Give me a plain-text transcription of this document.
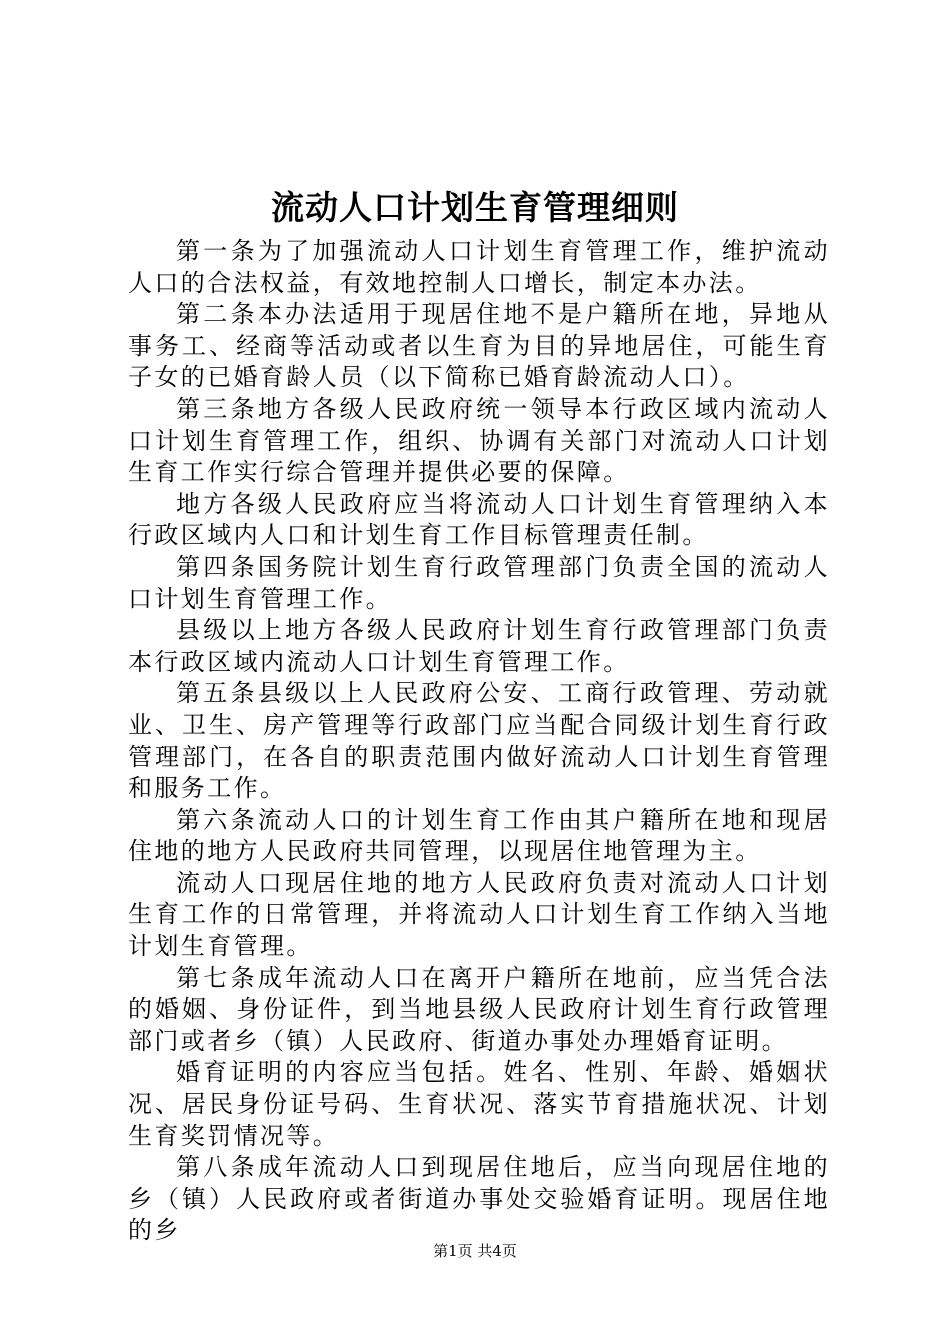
流动人口计划生育管理细则

第一条为了加强流动人口计划生育管理工作，维护流动人口的合法权益，有效地控制人口增长，制定本办法。

第二条本办法适用于现居住地不是户籍所在地，异地从事务工、经商等活动或者以生育为目的异地居住，可能生育子女的已婚育龄人员（以下简称已婚育龄流动人口）。

第三条地方各级人民政府统一领导本行政区域内流动人口计划生育管理工作，组织、协调有关部门对流动人口计划生育工作实行综合管理并提供必要的保障。

地方各级人民政府应当将流动人口计划生育管理纳入本行政区域内人口和计划生育工作目标管理责任制。

第四条国务院计划生育行政管理部门负责全国的流动人口计划生育管理工作。

县级以上地方各级人民政府计划生育行政管理部门负责本行政区域内流动人口计划生育管理工作。

第五条县级以上人民政府公安、工商行政管理、劳动就业、卫生、房产管理等行政部门应当配合同级计划生育行政管理部门，在各自的职责范围内做好流动人口计划生育管理和服务工作。

第六条流动人口的计划生育工作由其户籍所在地和现居住地的地方人民政府共同管理，以现居住地管理为主。

流动人口现居住地的地方人民政府负责对流动人口计划生育工作的日常管理，并将流动人口计划生育工作纳入当地计划生育管理。

第七条成年流动人口在离开户籍所在地前，应当凭合法的婚姻、身份证件，到当地县级人民政府计划生育行政管理部门或者乡（镇）人民政府、街道办事处办理婚育证明。

婚育证明的内容应当包括。姓名、性别、年龄、婚姻状况、居民身份证号码、生育状况、落实节育措施状况、计划生育奖罚情况等。

第八条成年流动人口到现居住地后，应当向现居住地的乡（镇）人民政府或者街道办事处交验婚育证明。现居住地的乡

第1页 共4页
